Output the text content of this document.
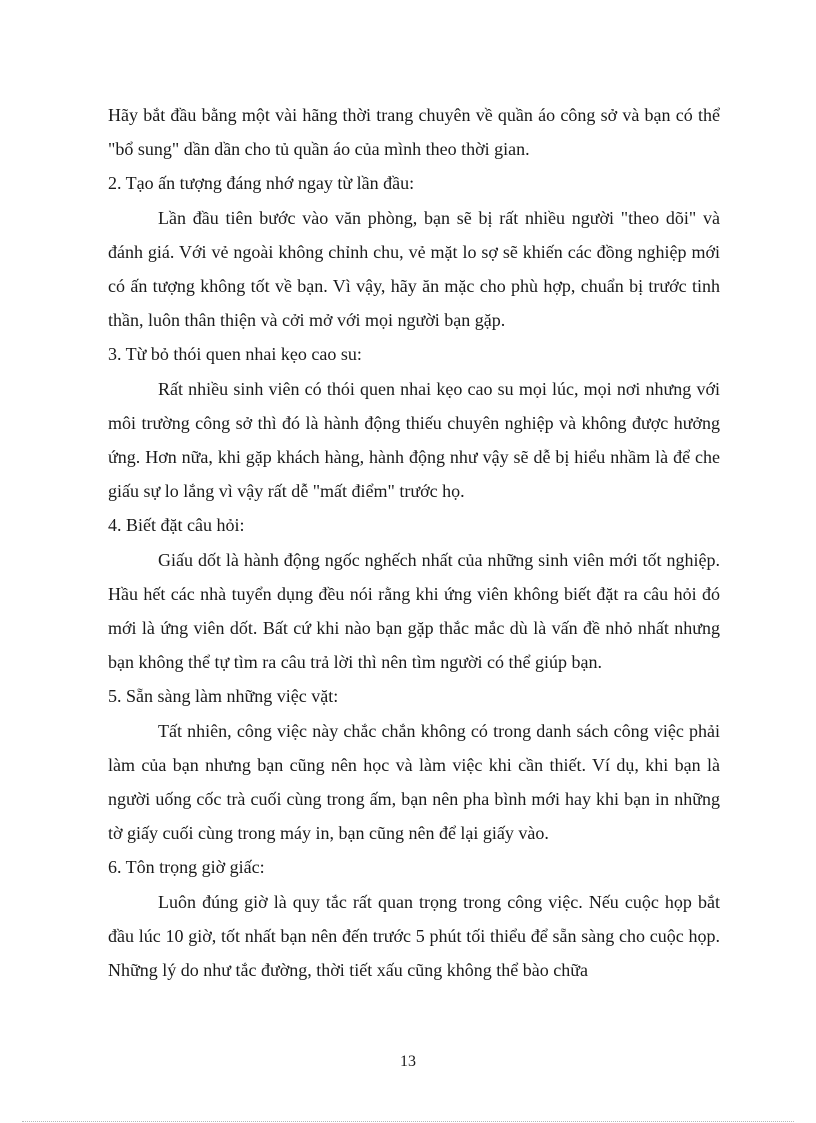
Hãy bắt đầu bằng một vài hãng thời trang chuyên về quần áo công sở và bạn có thể "bổ sung" dần dần cho tủ quần áo của mình theo thời gian.

2. Tạo ấn tượng đáng nhớ ngay từ lần đầu:

Lần đầu tiên bước vào văn phòng, bạn sẽ bị rất nhiều người "theo dõi" và đánh giá. Với vẻ ngoài không chỉnh chu, vẻ mặt lo sợ sẽ khiến các đồng nghiệp mới có ấn tượng không tốt về bạn. Vì vậy, hãy ăn mặc cho phù hợp, chuẩn bị trước tinh thần, luôn thân thiện và cởi mở với mọi người bạn gặp.

3. Từ bỏ thói quen nhai kẹo cao su:

Rất nhiều sinh viên có thói quen nhai kẹo cao su mọi lúc, mọi nơi nhưng với môi trường công sở thì đó là hành động thiếu chuyên nghiệp và không được hưởng ứng. Hơn nữa, khi gặp khách hàng, hành động như vậy sẽ dễ bị hiểu nhầm là để che giấu sự lo lắng vì vậy rất dễ "mất điểm" trước họ.

4. Biết đặt câu hỏi:

Giấu dốt là hành động ngốc nghếch nhất của những sinh viên mới tốt nghiệp. Hầu hết các nhà tuyển dụng đều nói rằng khi ứng viên không biết đặt ra câu hỏi đó mới là ứng viên dốt. Bất cứ khi nào bạn gặp thắc mắc dù là vấn đề nhỏ nhất nhưng bạn không thể tự tìm ra câu trả lời thì nên tìm người có thể giúp bạn.

5. Sẵn sàng làm những việc vặt:

Tất nhiên, công việc này chắc chắn không có trong danh sách công việc phải làm của bạn nhưng bạn cũng nên học và làm việc khi cần thiết. Ví dụ, khi bạn là người uống cốc trà cuối cùng trong ấm, bạn nên pha bình mới hay khi bạn in những tờ giấy cuối cùng trong máy in, bạn cũng nên để lại giấy vào.

6. Tôn trọng giờ giấc:

Luôn đúng giờ là quy tắc rất quan trọng trong công việc. Nếu cuộc họp bắt đầu lúc 10 giờ, tốt nhất bạn nên đến trước 5 phút tối thiểu để sẵn sàng cho cuộc họp. Những lý do như tắc đường, thời tiết xấu cũng không thể bào chữa

13
